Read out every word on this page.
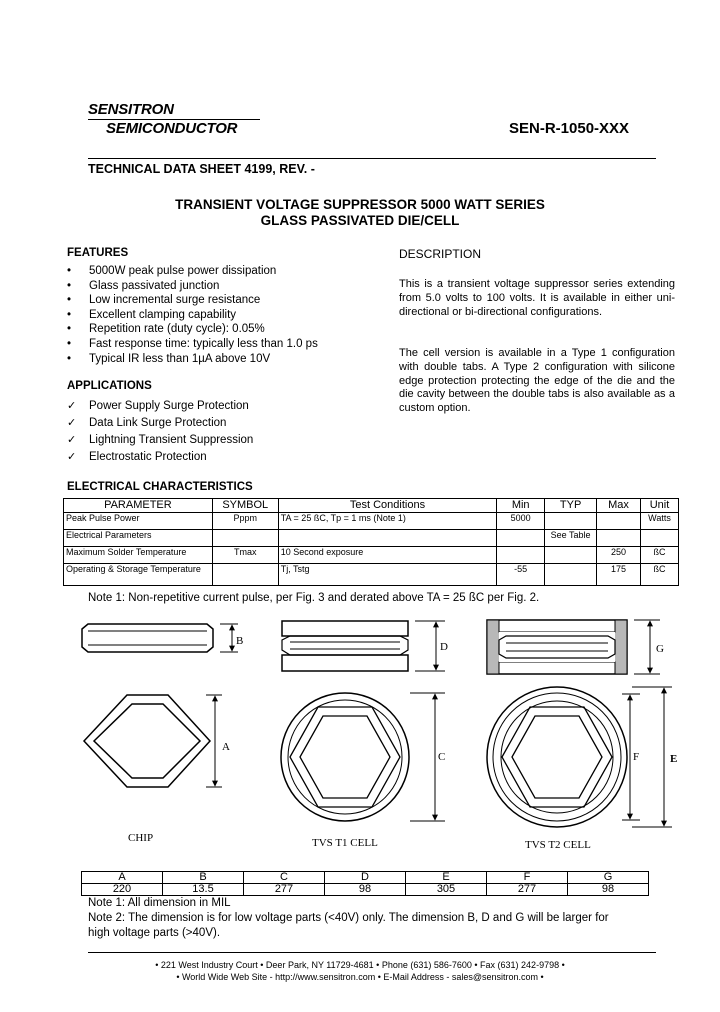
SENSITRON
SEMICONDUCTOR	SEN-R-1050-XXX
TECHNICAL DATA SHEET 4199, REV. -
TRANSIENT VOLTAGE SUPPRESSOR 5000 WATT SERIES
GLASS PASSIVATED DIE/CELL
FEATURES
• 5000W peak pulse power dissipation
• Glass passivated junction
• Low incremental surge resistance
• Excellent clamping capability
• Repetition rate (duty cycle): 0.05%
• Fast response time: typically less than 1.0 ps
• Typical IR less than 1µA above 10V
APPLICATIONS
✓ Power Supply Surge Protection
✓ Data Link Surge Protection
✓ Lightning Transient Suppression
✓ Electrostatic Protection
DESCRIPTION
This is a transient voltage suppressor series extending from 5.0 volts to 100 volts. It is available in either uni-directional or bi-directional configurations.
The cell version is available in a Type 1 configuration with double tabs. A Type 2 configuration with silicone edge protection protecting the edge of the die and the die cavity between the double tabs is also available as a custom option.
ELECTRICAL CHARACTERISTICS
PARAMETER	SYMBOL	Test Conditions	Min	TYP	Max	Unit
Peak Pulse Power	Pppm	TA = 25 ßC, Tp = 1 ms (Note 1)	5000			Watts
Electrical Parameters				See Table		
Maximum Solder Temperature	Tmax	10 Second exposure			250	ßC
Operating & Storage Temperature		Tj, Tstg	-55		175	ßC
Note 1: Non-repetitive current pulse, per Fig. 3 and derated above TA = 25 ßC per Fig. 2.
B
A
CHIP
D
C
TVS T1 CELL
G
F	E
TVS T2 CELL
A	B	C	D	E	F	G
220	13.5	277	98	305	277	98
Note 1: All dimension in MIL
Note 2: The dimension is for low voltage parts (<40V) only. The dimension B, D and G will be larger for
high voltage parts (>40V).
• 221 West Industry Court • Deer Park, NY 11729-4681 • Phone (631) 586-7600 • Fax (631) 242-9798 •
• World Wide Web Site - http://www.sensitron.com • E-Mail Address - sales@sensitron.com •
